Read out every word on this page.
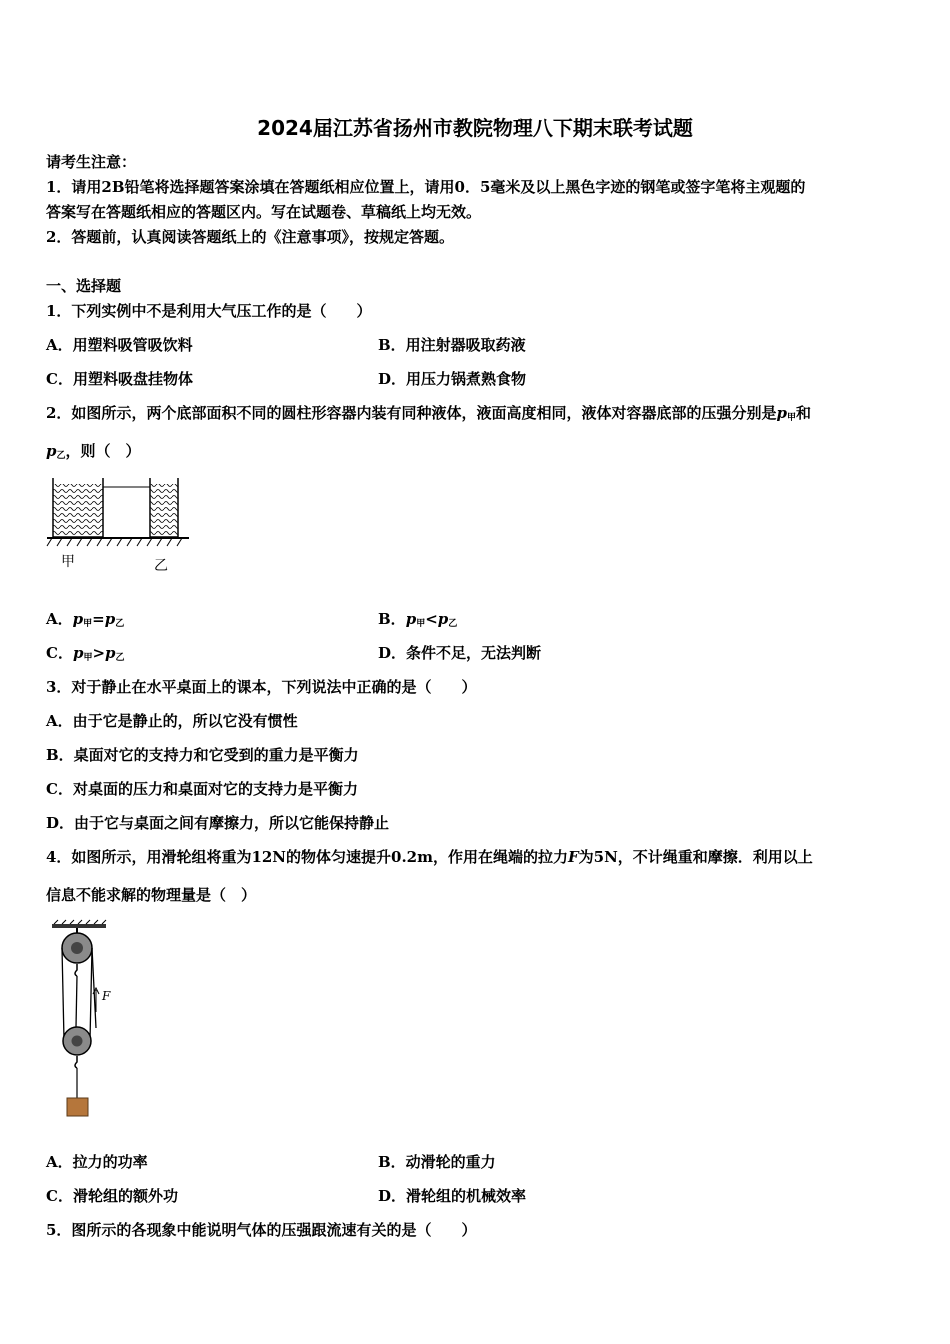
2024届江苏省扬州市教院物理八下期末联考试题
请考生注意：
1．请用2B铅笔将选择题答案涂填在答题纸相应位置上，请用0．5毫米及以上黑色字迹的钢笔或签字笔将主观题的
答案写在答题纸相应的答题区内。写在试题卷、草稿纸上均无效。
2．答题前，认真阅读答题纸上的《注意事项》，按规定答题。
一、选择题
1．下列实例中不是利用大气压工作的是（　　）
A．用塑料吸管吸饮料	B．用注射器吸取药液
C．用塑料吸盘挂物体	D．用压力锅煮熟食物
2．如图所示，两个底部面积不同的圆柱形容器内装有同种液体，液面高度相同，液体对容器底部的压强分别是$p_甲$和
$p_乙$，则（　）
甲	乙
A．$p_甲=p_乙$	B．$p_甲<p_乙$
C．$p_甲>p_乙$	D．条件不足，无法判断
3．对于静止在水平桌面上的课本，下列说法中正确的是（　　）
A．由于它是静止的，所以它没有惯性
B．桌面对它的支持力和它受到的重力是平衡力
C．对桌面的压力和桌面对它的支持力是平衡力
D．由于它与桌面之间有摩擦力，所以它能保持静止
4．如图所示，用滑轮组将重为12N的物体匀速提升0.2m，作用在绳端的拉力F为5N，不计绳重和摩擦．利用以上
信息不能求解的物理量是（　）
F
A．拉力的功率	B．动滑轮的重力
C．滑轮组的额外功	D．滑轮组的机械效率
5．图所示的各现象中能说明气体的压强跟流速有关的是（　　）
